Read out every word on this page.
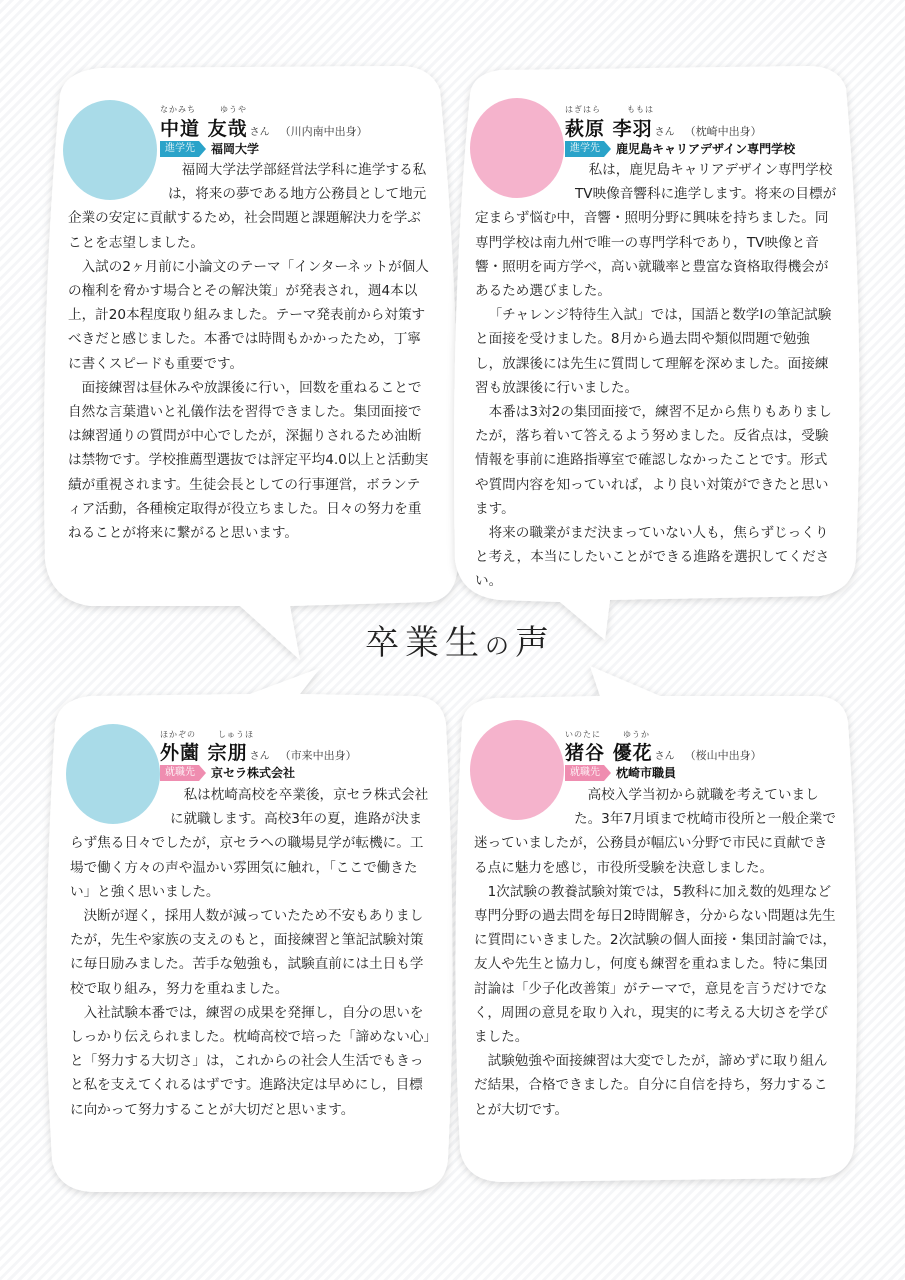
卒業生の声
なかみち	ゆうや
中道 友哉 さん （川内南中出身）
進学先	福岡大学

福岡大学法学部経営法学科に進学する私は，将来の夢である地方公務員として地元企業の安定に貢献するため，社会問題と課題解決力を学ぶことを志望しました。

入試の2ヶ月前に小論文のテーマ「インターネットが個人の権利を脅かす場合とその解決策」が発表され，週4本以上，計20本程度取り組みました。テーマ発表前から対策すべきだと感じました。本番では時間もかかったため，丁寧に書くスピードも重要です。

面接練習は昼休みや放課後に行い，回数を重ねることで自然な言葉遣いと礼儀作法を習得できました。集団面接では練習通りの質問が中心でしたが，深掘りされるため油断は禁物です。学校推薦型選抜では評定平均4.0以上と活動実績が重視されます。生徒会長としての行事運営，ボランティア活動，各種検定取得が役立ちました。日々の努力を重ねることが将来に繋がると思います。

はぎはら	ももは
萩原 李羽 さん （枕崎中出身）
進学先	鹿児島キャリアデザイン専門学校

私は，鹿児島キャリアデザイン専門学校TV映像音響科に進学します。将来の目標が定まらず悩む中，音響・照明分野に興味を持ちました。同専門学校は南九州で唯一の専門学科であり，TV映像と音響・照明を両方学べ，高い就職率と豊富な資格取得機会があるため選びました。

「チャレンジ特待生入試」では，国語と数学Ⅰの筆記試験と面接を受けました。8月から過去問や類似問題で勉強し，放課後には先生に質問して理解を深めました。面接練習も放課後に行いました。

本番は3対2の集団面接で，練習不足から焦りもありましたが，落ち着いて答えるよう努めました。反省点は，受験情報を事前に進路指導室で確認しなかったことです。形式や質問内容を知っていれば，より良い対策ができたと思います。

将来の職業がまだ決まっていない人も，焦らずじっくりと考え，本当にしたいことができる進路を選択してください。

ほかぞの	しゅうほ
外薗 宗朋 さん （市来中出身）
就職先	京セラ株式会社

私は枕崎高校を卒業後，京セラ株式会社に就職します。高校3年の夏，進路が決まらず焦る日々でしたが，京セラへの職場見学が転機に。工場で働く方々の声や温かい雰囲気に触れ，「ここで働きたい」と強く思いました。

決断が遅く，採用人数が減っていたため不安もありましたが，先生や家族の支えのもと，面接練習と筆記試験対策に毎日励みました。苦手な勉強も，試験直前には土日も学校で取り組み，努力を重ねました。

入社試験本番では，練習の成果を発揮し，自分の思いをしっかり伝えられました。枕崎高校で培った「諦めない心」と「努力する大切さ」は，これからの社会人生活でもきっと私を支えてくれるはずです。進路決定は早めにし，目標に向かって努力することが大切だと思います。

いのたに	ゆうか
猪谷 優花 さん （桜山中出身）
就職先	枕崎市職員

高校入学当初から就職を考えていました。3年7月頃まで枕崎市役所と一般企業で迷っていましたが，公務員が幅広い分野で市民に貢献できる点に魅力を感じ，市役所受験を決意しました。

1次試験の教養試験対策では，5教科に加え数的処理など専門分野の過去問を毎日2時間解き，分からない問題は先生に質問にいきました。2次試験の個人面接・集団討論では，友人や先生と協力し，何度も練習を重ねました。特に集団討論は「少子化改善策」がテーマで，意見を言うだけでなく，周囲の意見を取り入れ，現実的に考える大切さを学びました。

試験勉強や面接練習は大変でしたが，諦めずに取り組んだ結果，合格できました。自分に自信を持ち，努力することが大切です。
